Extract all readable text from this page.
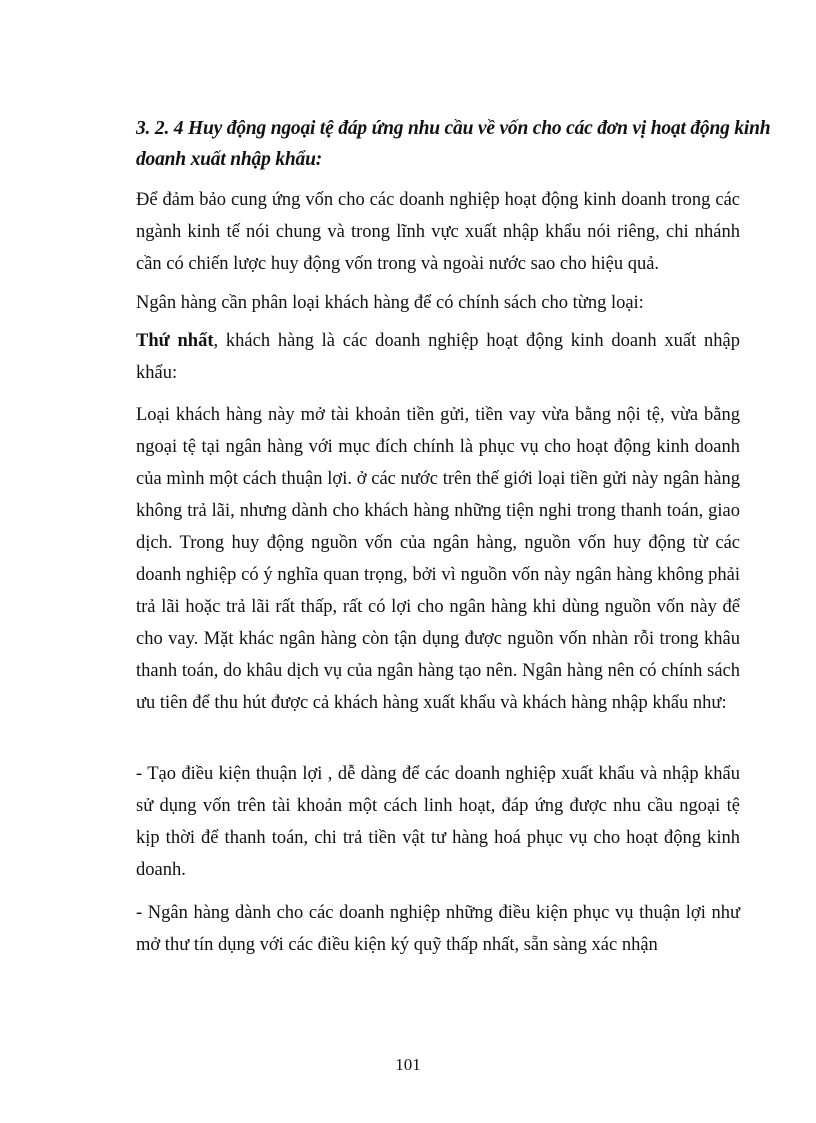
3. 2. 4 Huy động ngoại tệ đáp ứng nhu cầu về vốn cho các đơn vị hoạt động kinh doanh xuất nhập khẩu:
Để đảm bảo cung ứng vốn cho các doanh nghiệp hoạt động kinh doanh trong các ngành kinh tế nói chung và trong lĩnh vực xuất nhập khẩu nói riêng, chi nhánh cần có chiến lược huy động vốn trong và ngoài nước sao cho hiệu quả.
Ngân hàng cần phân loại khách hàng để có chính sách cho từng loại:
Thứ nhất, khách hàng là các doanh nghiệp hoạt động kinh doanh xuất nhập khẩu:
Loại khách hàng này mở tài khoản tiền gửi, tiền vay vừa bằng nội tệ, vừa bằng ngoại tệ tại ngân hàng với mục đích chính là phục vụ cho hoạt động kinh doanh của mình một cách thuận lợi. ở các nước trên thế giới loại tiền gửi này ngân hàng không trả lãi, nhưng dành cho khách hàng những tiện nghi trong thanh toán, giao dịch. Trong huy động nguồn vốn của ngân hàng, nguồn vốn huy động từ các doanh nghiệp có ý nghĩa quan trọng, bởi vì nguồn vốn này ngân hàng không phải trả lãi hoặc trả lãi rất thấp, rất có lợi cho ngân hàng khi dùng nguồn vốn này để cho vay. Mặt khác ngân hàng còn tận dụng được nguồn vốn nhàn rỗi trong khâu thanh toán, do khâu dịch vụ của ngân hàng tạo nên. Ngân hàng nên có chính sách ưu tiên để thu hút được cả khách hàng xuất khẩu và khách hàng nhập khẩu như:
- Tạo điều kiện thuận lợi , dễ dàng để các doanh nghiệp xuất khẩu và nhập khẩu sử dụng vốn trên tài khoản một cách linh hoạt, đáp ứng được nhu cầu ngoại tệ kịp thời để thanh toán, chi trả tiền vật tư hàng hoá phục vụ cho hoạt động kinh doanh.
- Ngân hàng dành cho các doanh nghiệp những điều kiện phục vụ thuận lợi như mở thư tín dụng với các điều kiện ký quỹ thấp nhất, sẵn sàng xác nhận
101
